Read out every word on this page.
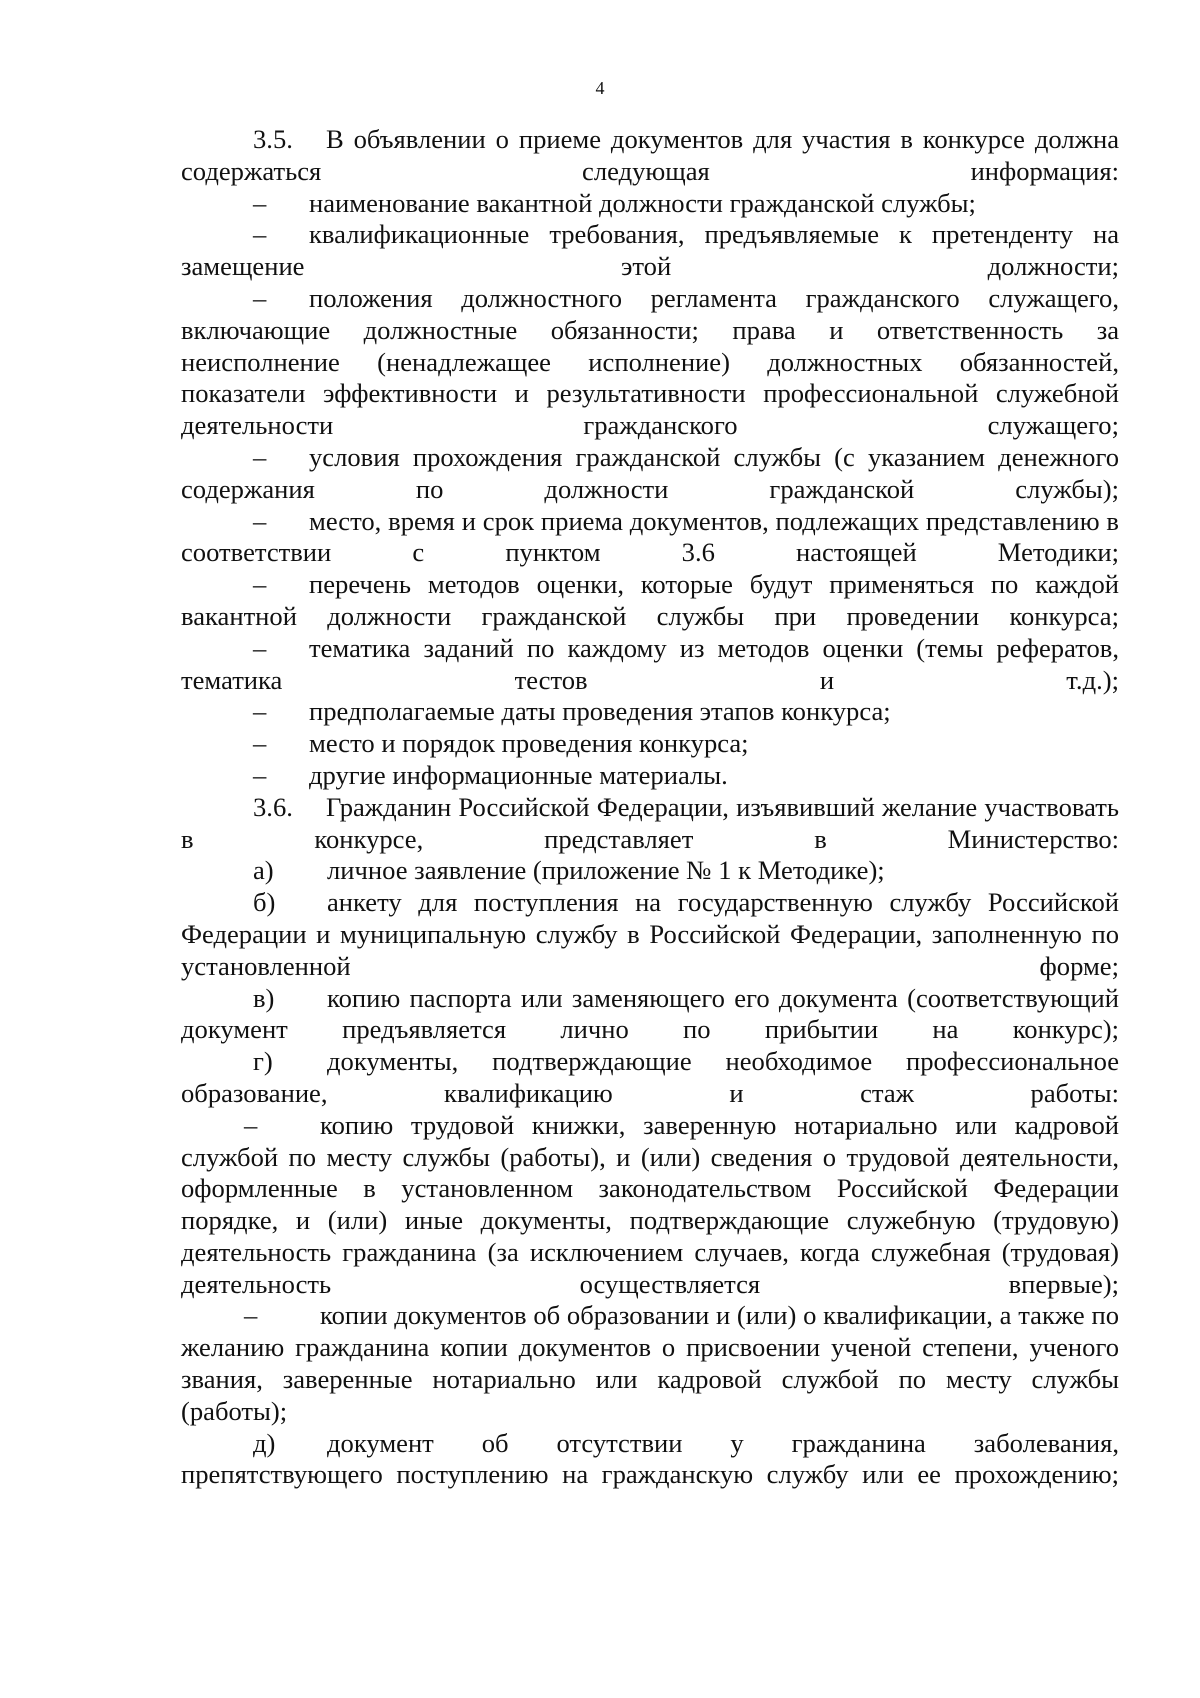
4

3.5. В объявлении о приеме документов для участия в конкурсе должна содержаться следующая информация:

– наименование вакантной должности гражданской службы;

– квалификационные требования, предъявляемые к претенденту на замещение этой должности;

– положения должностного регламента гражданского служащего, включающие должностные обязанности; права и ответственность за неисполнение (ненадлежащее исполнение) должностных обязанностей, показатели эффективности и результативности профессиональной служебной деятельности гражданского служащего;

– условия прохождения гражданской службы (с указанием денежного содержания по должности гражданской службы);

– место, время и срок приема документов, подлежащих представлению в соответствии с пунктом 3.6 настоящей Методики;

– перечень методов оценки, которые будут применяться по каждой вакантной должности гражданской службы при проведении конкурса;

– тематика заданий по каждому из методов оценки (темы рефератов, тематика тестов и т.д.);

– предполагаемые даты проведения этапов конкурса;

– место и порядок проведения конкурса;

– другие информационные материалы.

3.6. Гражданин Российской Федерации, изъявивший желание участвовать в конкурсе, представляет в Министерство:

а) личное заявление (приложение № 1 к Методике);

б) анкету для поступления на государственную службу Российской Федерации и муниципальную службу в Российской Федерации, заполненную по установленной форме;

в) копию паспорта или заменяющего его документа (соответствующий документ предъявляется лично по прибытии на конкурс);

г) документы, подтверждающие необходимое профессиональное образование, квалификацию и стаж работы:

– копию трудовой книжки, заверенную нотариально или кадровой службой по месту службы (работы), и (или) сведения о трудовой деятельности, оформленные в установленном законодательством Российской Федерации порядке, и (или) иные документы, подтверждающие служебную (трудовую) деятельность гражданина (за исключением случаев, когда служебная (трудовая) деятельность осуществляется впервые);

– копии документов об образовании и (или) о квалификации, а также по желанию гражданина копии документов о присвоении ученой степени, ученого звания, заверенные нотариально или кадровой службой по месту службы (работы);

д) документ об отсутствии у гражданина заболевания, препятствующего поступлению на гражданскую службу или ее прохождению;
